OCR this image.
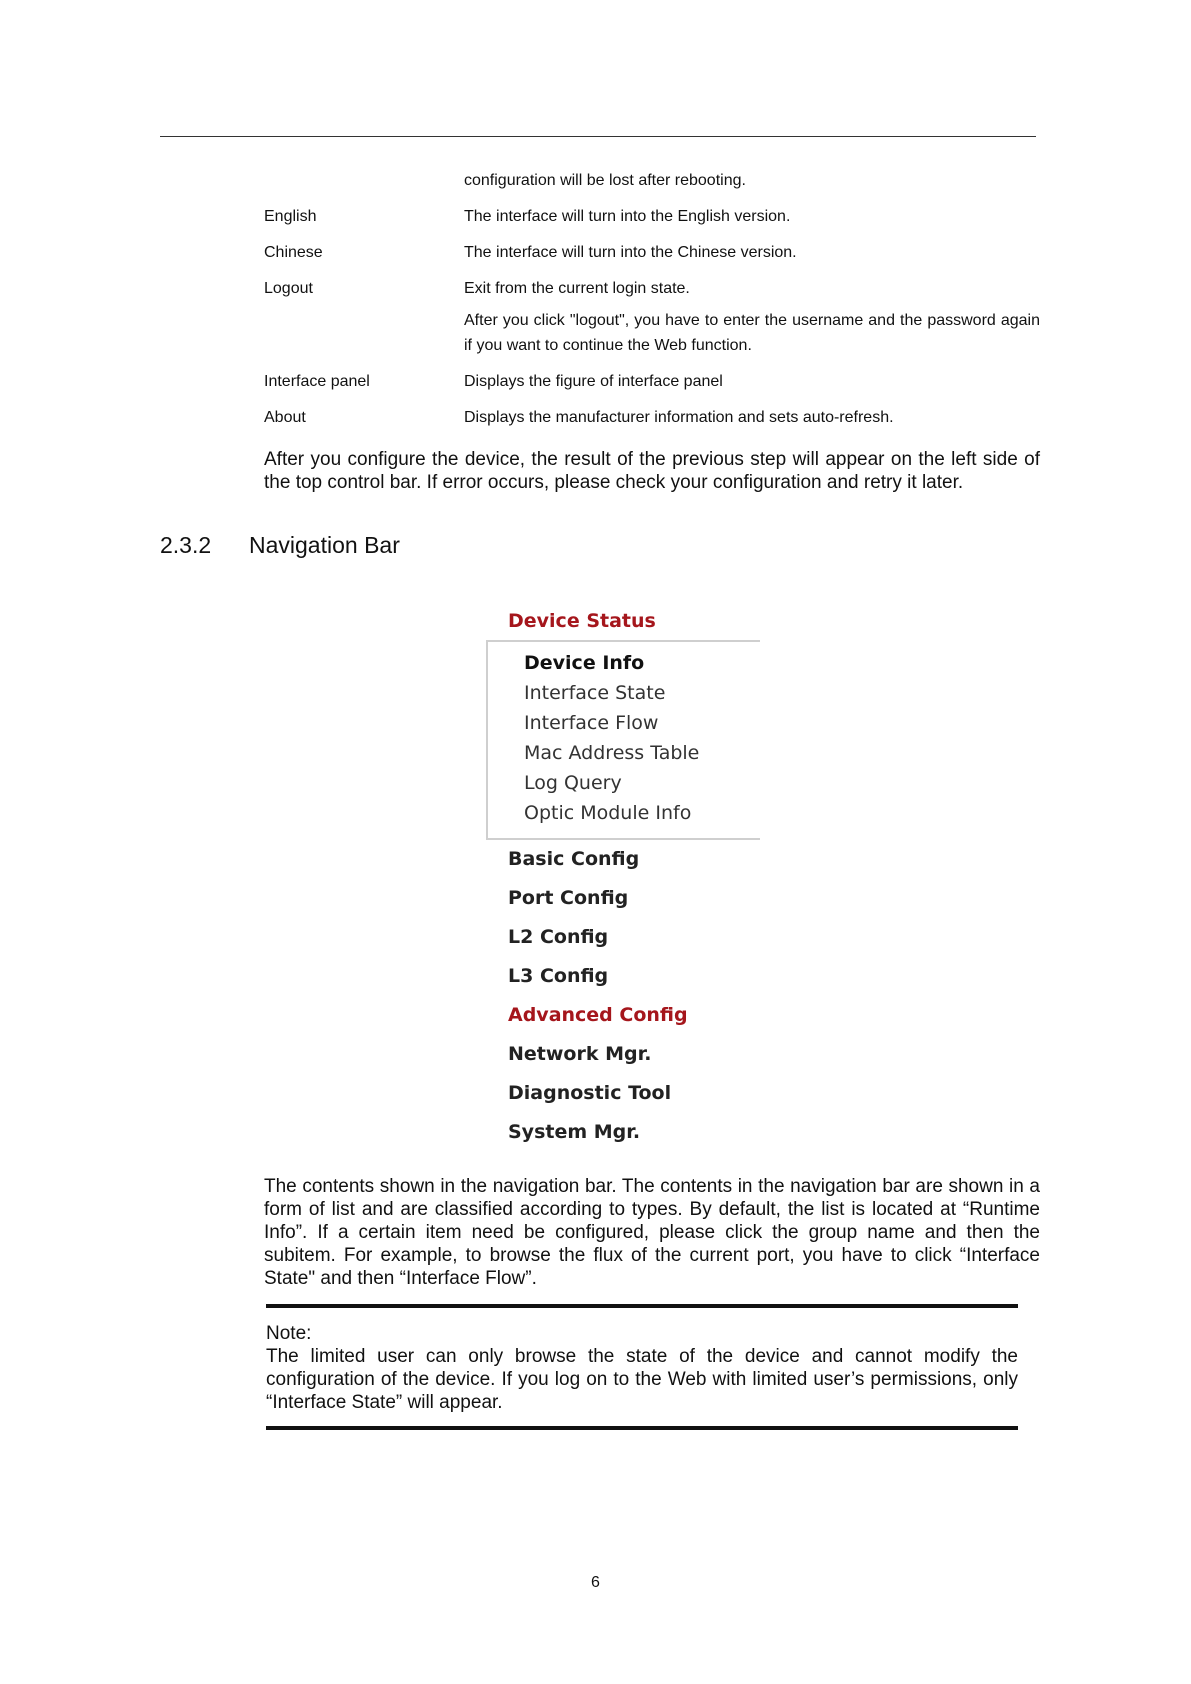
configuration will be lost after rebooting.
English	The interface will turn into the English version.
Chinese	The interface will turn into the Chinese version.
Logout	Exit from the current login state.
After you click "logout", you have to enter the username and the password again if you want to continue the Web function.
Interface panel	Displays the figure of interface panel
About	Displays the manufacturer information and sets auto-refresh.
After you configure the device, the result of the previous step will appear on the left side of the top control bar. If error occurs, please check your configuration and retry it later.
2.3.2 Navigation Bar
Device Status
Device Info
Interface State
Interface Flow
Mac Address Table
Log Query
Optic Module Info
Basic Config
Port Config
L2 Config
L3 Config
Advanced Config
Network Mgr.
Diagnostic Tool
System Mgr.
The contents shown in the navigation bar. The contents in the navigation bar are shown in a form of list and are classified according to types. By default, the list is located at “Runtime Info”. If a certain item need be configured, please click the group name and then the subitem. For example, to browse the flux of the current port, you have to click “Interface State" and then “Interface Flow”.
Note:
The limited user can only browse the state of the device and cannot modify the configuration of the device. If you log on to the Web with limited user’s permissions, only “Interface State” will appear.
6
